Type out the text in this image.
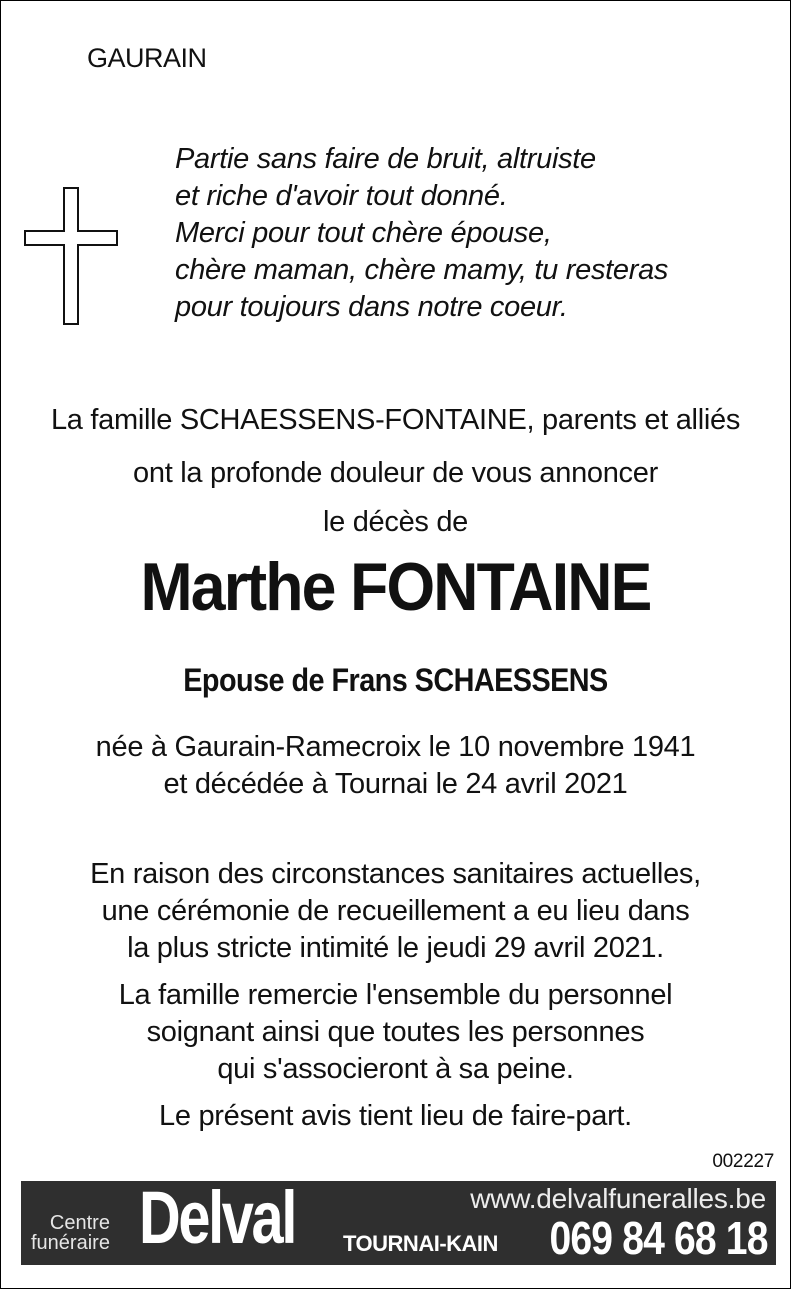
GAURAIN
Partie sans faire de bruit, altruiste
et riche d'avoir tout donné.
Merci pour tout chère épouse,
chère maman, chère mamy, tu resteras
pour toujours dans notre coeur.
La famille SCHAESSENS-FONTAINE, parents et alliés
ont la profonde douleur de vous annoncer
le décès de
Marthe FONTAINE
Epouse de Frans SCHAESSENS
née à Gaurain-Ramecroix le 10 novembre 1941
et décédée à Tournai le 24 avril 2021
En raison des circonstances sanitaires actuelles,
une cérémonie de recueillement a eu lieu dans
la plus stricte intimité le jeudi 29 avril 2021.
La famille remercie l'ensemble du personnel
soignant ainsi que toutes les personnes
qui s'associeront à sa peine.
Le présent avis tient lieu de faire-part.
002227
Centre
funéraire Delval TOURNAI-KAIN
www.delvalfuneralles.be
069 84 68 18
